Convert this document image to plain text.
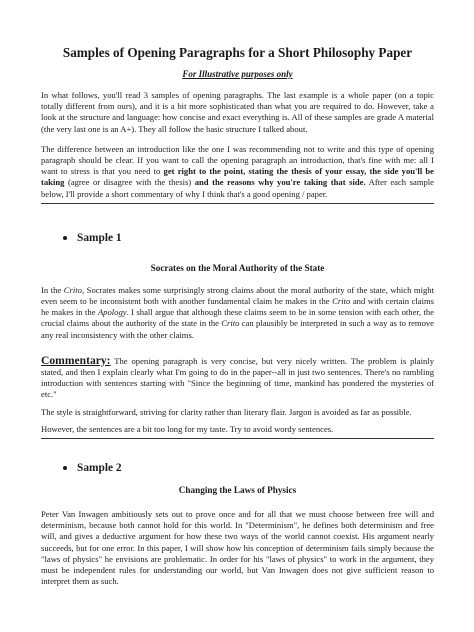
Samples of Opening Paragraphs for a Short Philosophy Paper
For Illustrative purposes only

In what follows, you'll read 3 samples of opening paragraphs. The last example is a whole paper (on a topic totally different from ours), and it is a bit more sophisticated than what you are required to do. However, take a look at the structure and language: how concise and exact everything is. All of these samples are grade A material (the very last one is an A+). They all follow the basic structure I talked about.

The difference between an introduction like the one I was recommending not to write and this type of opening paragraph should be clear. If you want to call the opening paragraph an introduction, that's fine with me: all I want to stress is that you need to get right to the point, stating the thesis of your essay, the side you'll be taking (agree or disagree with the thesis) and the reasons why you're taking that side. After each sample below, I'll provide a short commentary of why I think that's a good opening / paper.

Sample 1
Socrates on the Moral Authority of the State

In the Crito, Socrates makes some surprisingly strong claims about the moral authority of the state, which might even seem to be inconsistent both with another fundamental claim he makes in the Crito and with certain claims he makes in the Apology. I shall argue that although these claims seem to be in some tension with each other, the crucial claims about the authority of the state in the Crito can plausibly be interpreted in such a way as to remove any real inconsistency with the other claims.

Commentary: The opening paragraph is very concise, but very nicely written. The problem is plainly stated, and then I explain clearly what I'm going to do in the paper--all in just two sentences. There's no rambling introduction with sentences starting with "Since the beginning of time, mankind has pondered the mysteries of etc."

The style is straightforward, striving for clarity rather than literary flair. Jargon is avoided as far as possible.

However, the sentences are a bit too long for my taste. Try to avoid wordy sentences.

Sample 2
Changing the Laws of Physics

Peter Van Inwagen ambitiously sets out to prove once and for all that we must choose between free will and determinism, because both cannot hold for this world. In "Determinism", he defines both determinism and free will, and gives a deductive argument for how these two ways of the world cannot coexist. His argument nearly succeeds, but for one error. In this paper, I will show how his conception of determinism fails simply because the "laws of physics" he envisions are problematic. In order for his "laws of physics" to work in the argument, they must be independent rules for understanding our world, but Van Inwagen does not give sufficient reason to interpret them as such.
